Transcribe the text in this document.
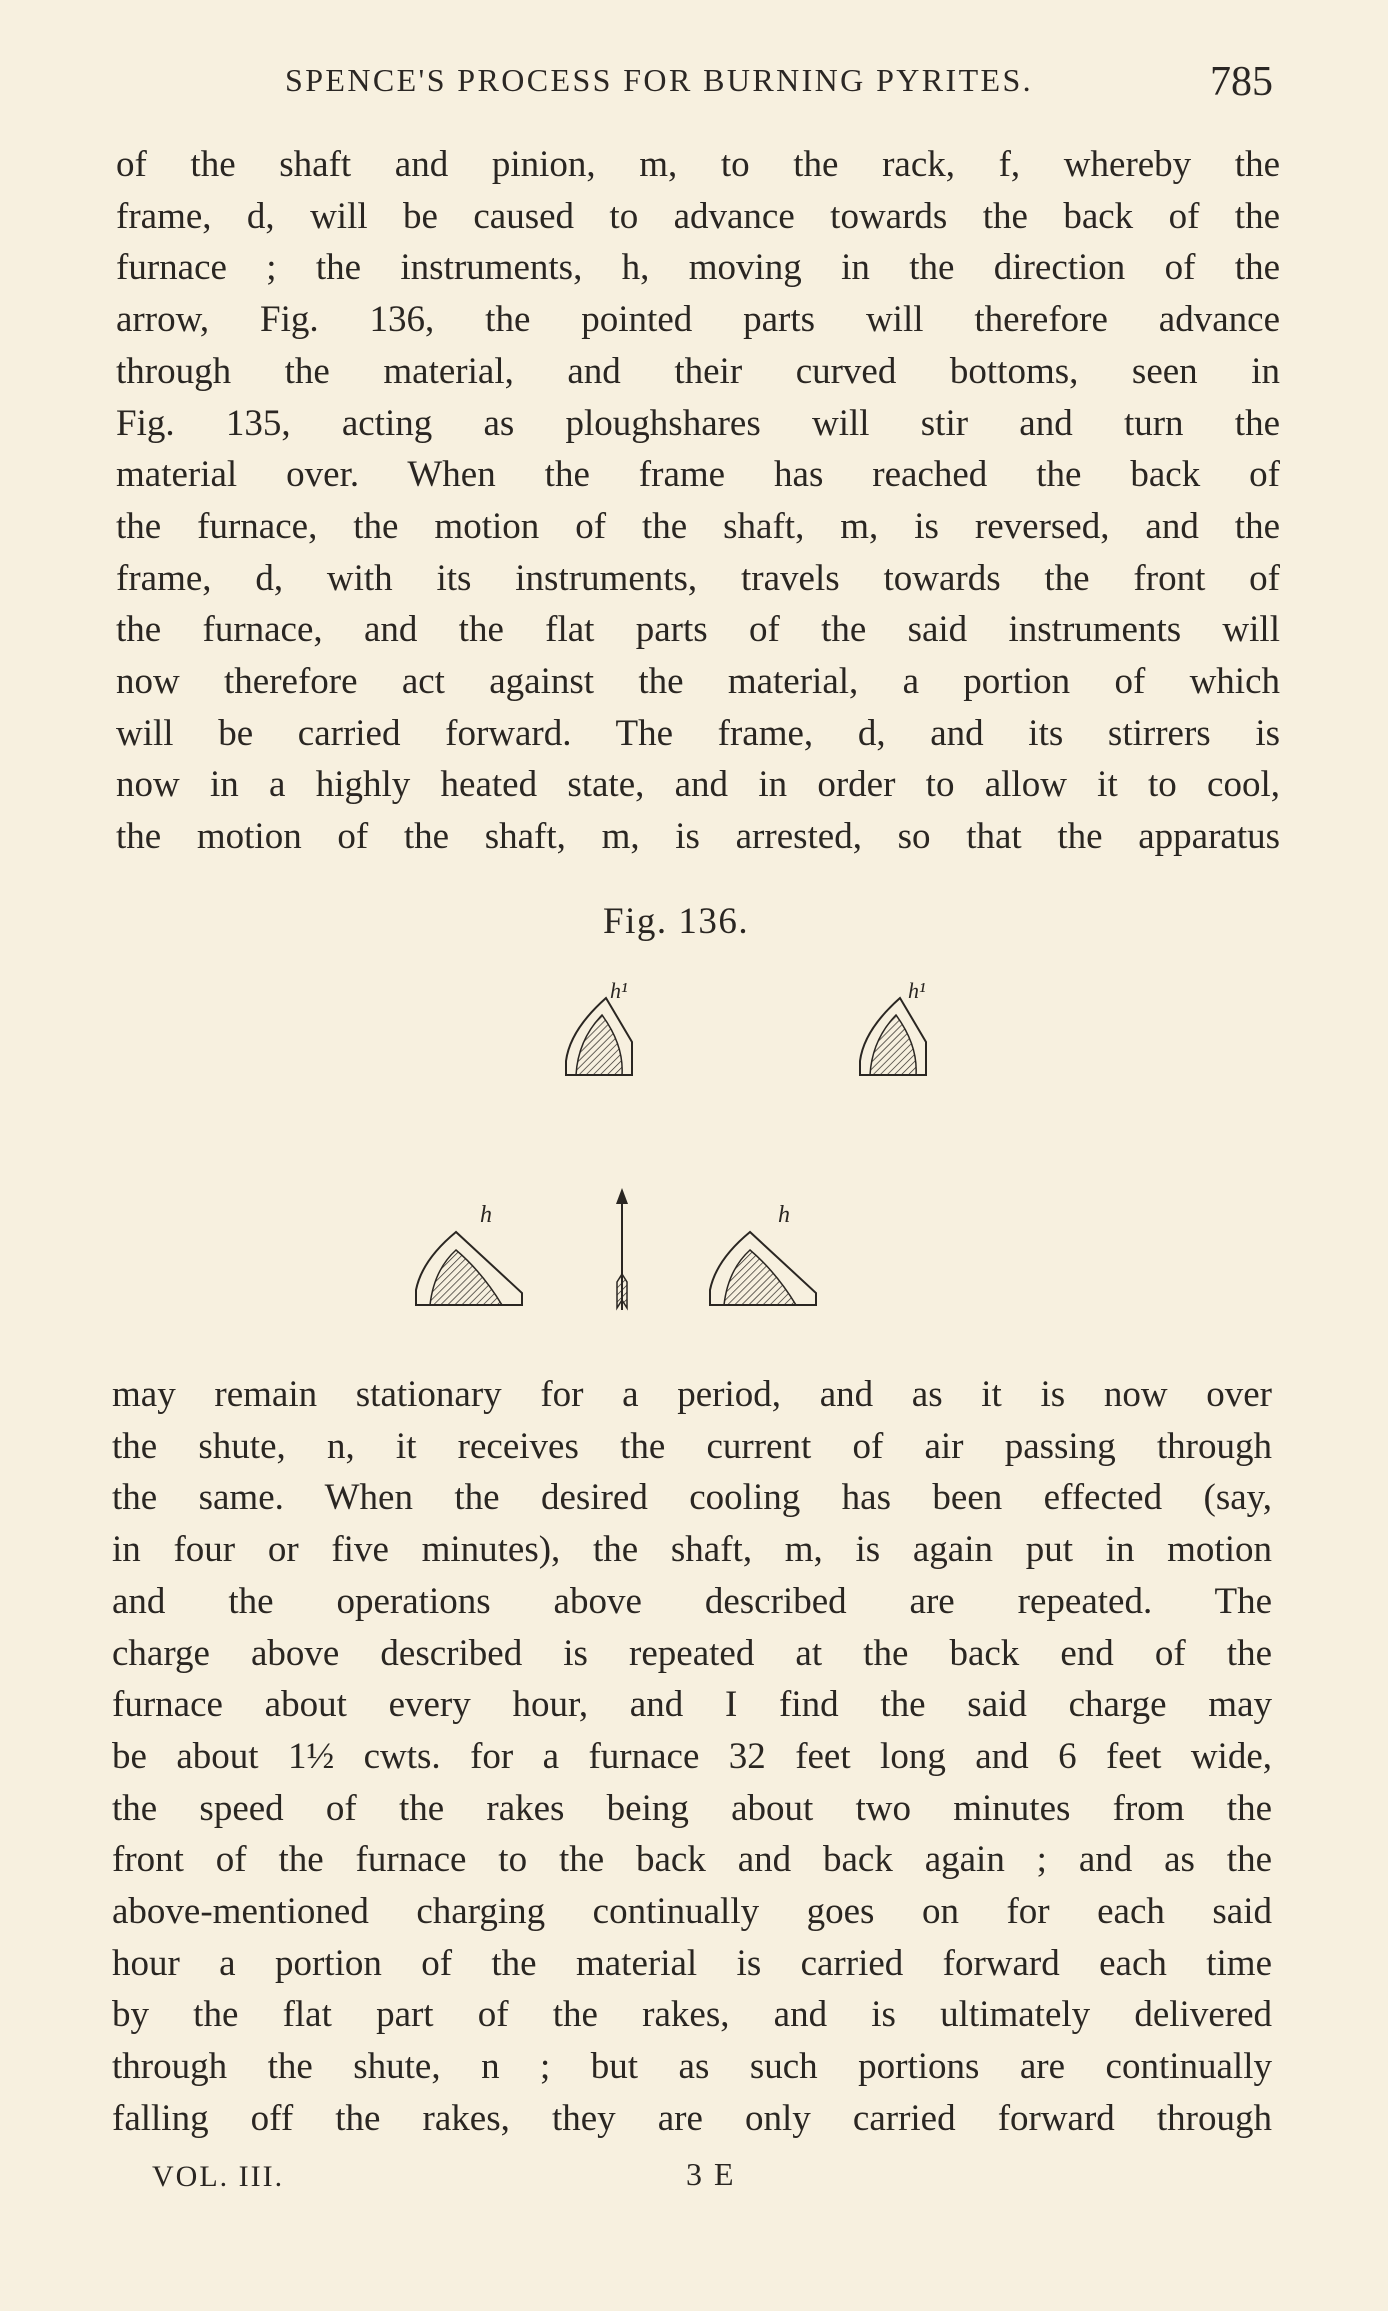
SPENCE'S PROCESS FOR BURNING PYRITES.	785
of the shaft and pinion, m, to the rack, f, whereby the
frame, d, will be caused to advance towards the back of the
furnace ; the instruments, h, moving in the direction of the
arrow, Fig. 136, the pointed parts will therefore advance
through the material, and their curved bottoms, seen in
Fig. 135, acting as ploughshares will stir and turn the
material over. When the frame has reached the back of
the furnace, the motion of the shaft, m, is reversed, and the
frame, d, with its instruments, travels towards the front of
the furnace, and the flat parts of the said instruments will
now therefore act against the material, a portion of which
will be carried forward. The frame, d, and its stirrers is
now in a highly heated state, and in order to allow it to cool,
the motion of the shaft, m, is arrested, so that the apparatus
Fig. 136.
h¹	h¹
h	h
may remain stationary for a period, and as it is now over
the shute, n, it receives the current of air passing through
the same. When the desired cooling has been effected (say,
in four or five minutes), the shaft, m, is again put in motion
and the operations above described are repeated. The
charge above described is repeated at the back end of the
furnace about every hour, and I find the said charge may
be about 1½ cwts. for a furnace 32 feet long and 6 feet wide,
the speed of the rakes being about two minutes from the
front of the furnace to the back and back again ; and as the
above-mentioned charging continually goes on for each said
hour a portion of the material is carried forward each time
by the flat part of the rakes, and is ultimately delivered
through the shute, n ; but as such portions are continually
falling off the rakes, they are only carried forward through
VOL. III.	3 E
